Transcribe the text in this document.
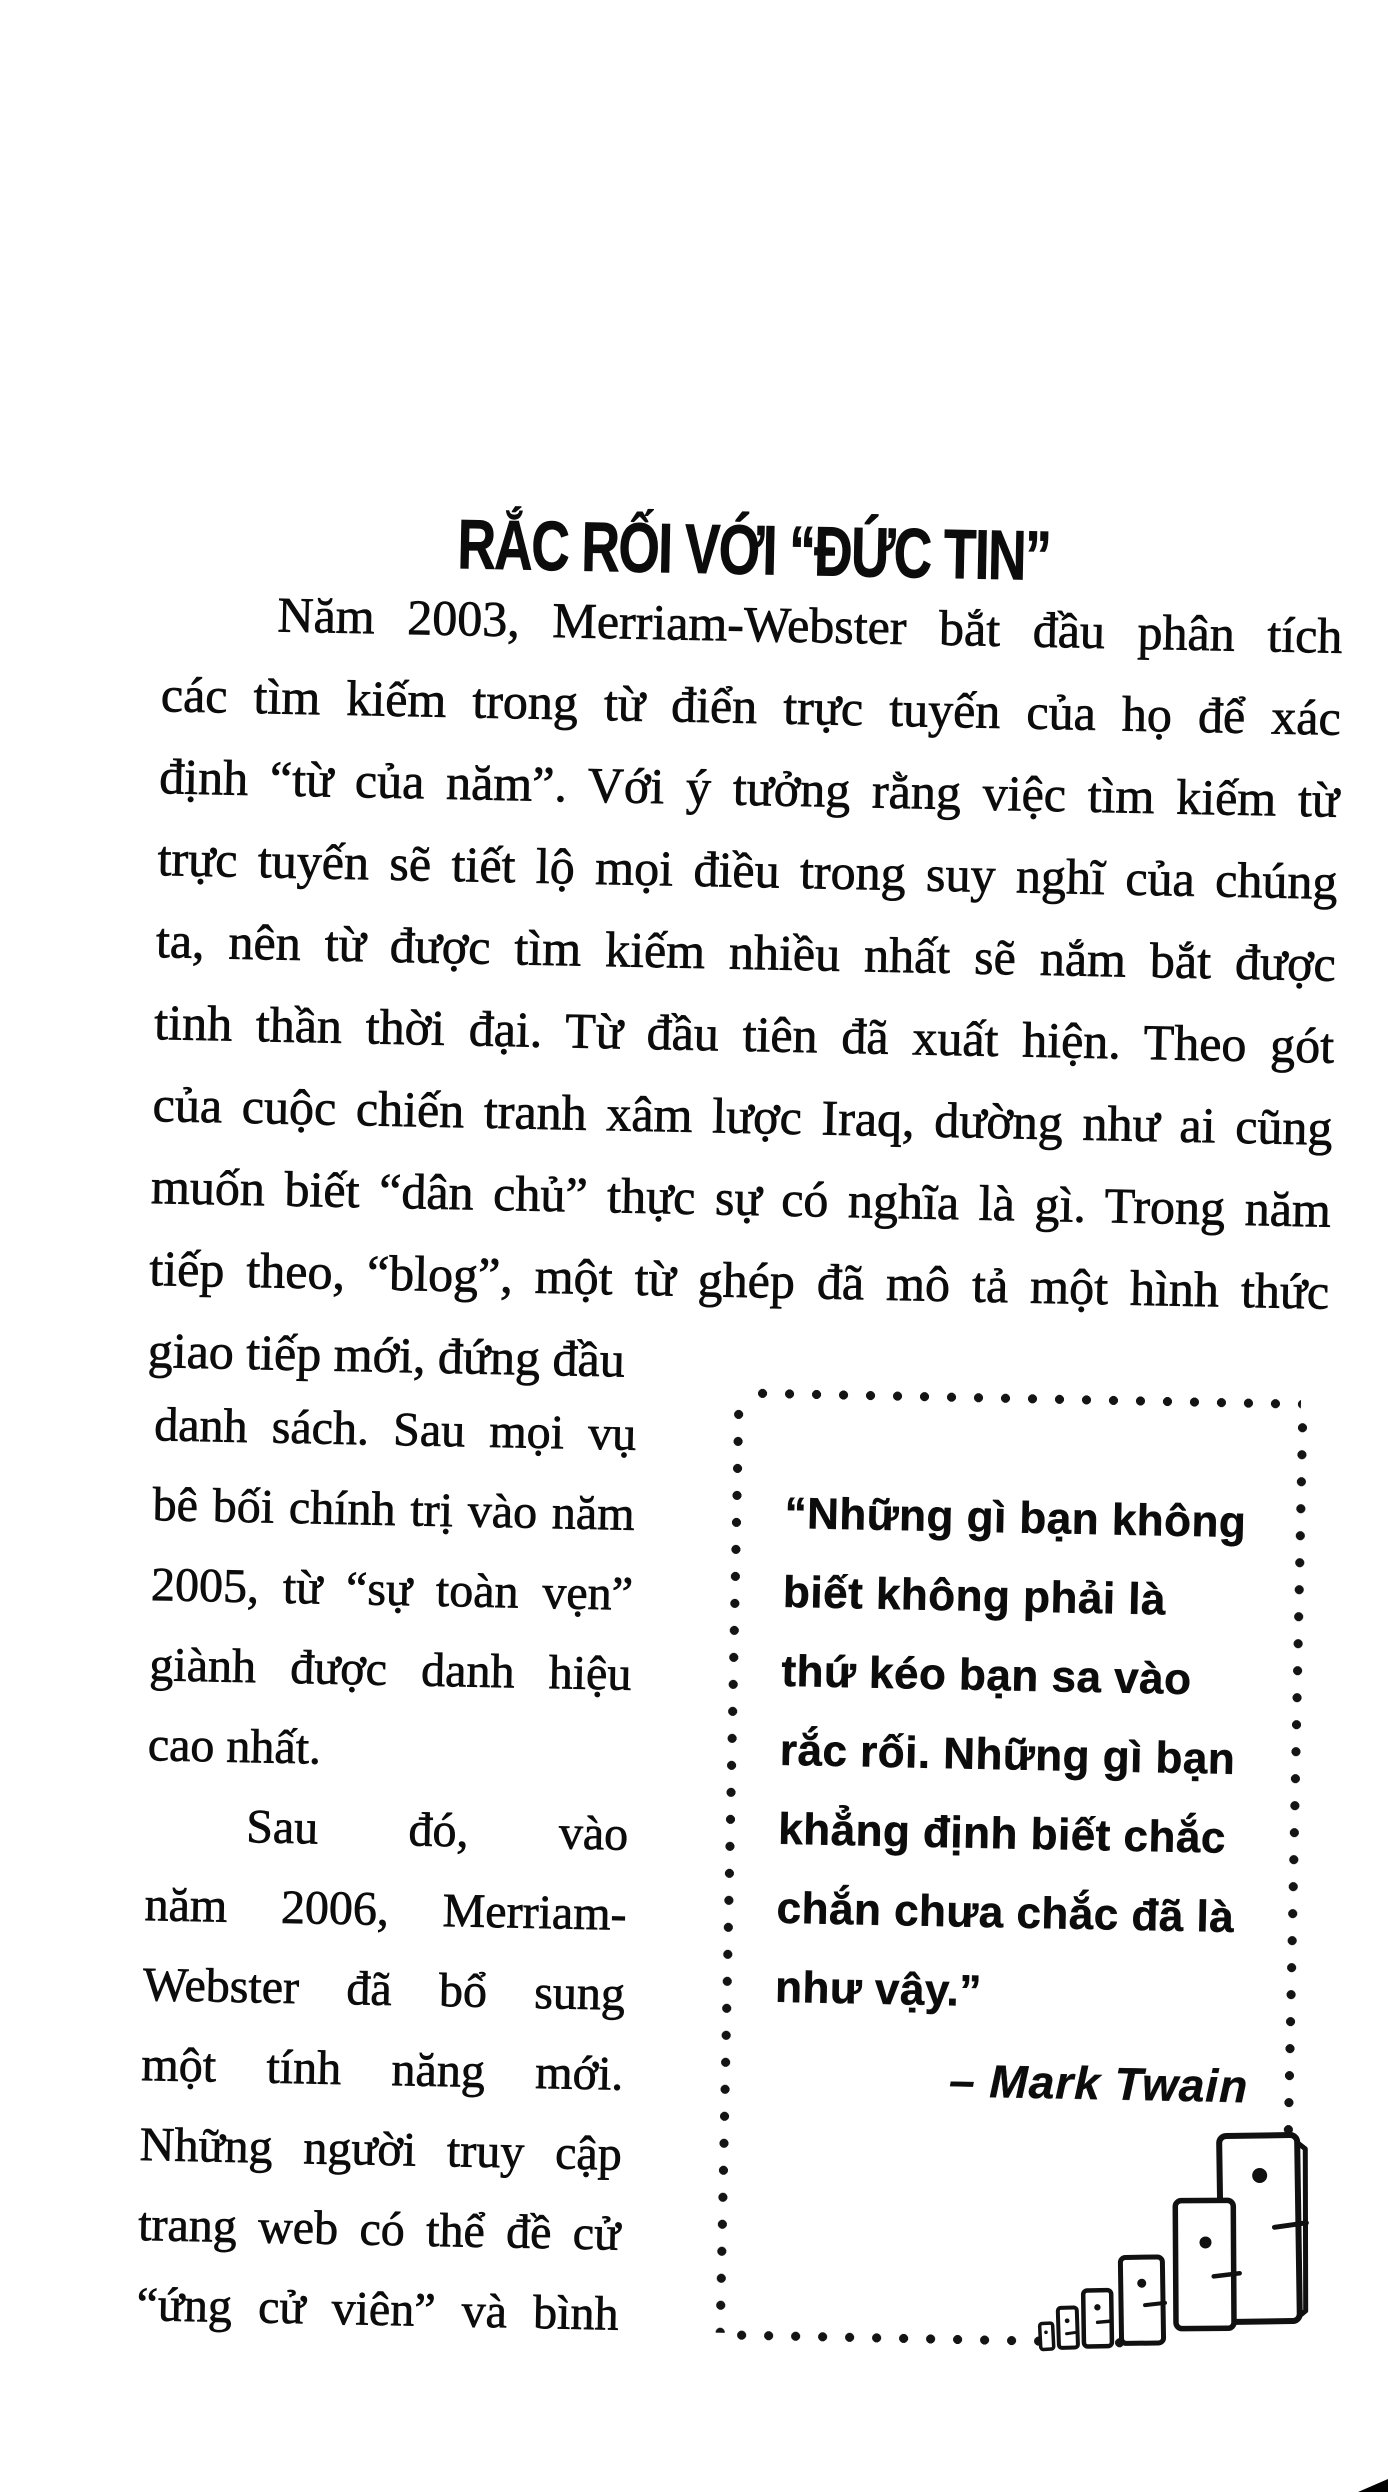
RẮC RỐI VỚI “ĐỨC TIN”
Năm 2003, Merriam-Webster bắt đầu phân tích
các tìm kiếm trong từ điển trực tuyến của họ để xác
định “từ của năm”. Với ý tưởng rằng việc tìm kiếm từ
trực tuyến sẽ tiết lộ mọi điều trong suy nghĩ của chúng
ta, nên từ được tìm kiếm nhiều nhất sẽ nắm bắt được
tinh thần thời đại. Từ đầu tiên đã xuất hiện. Theo gót
của cuộc chiến tranh xâm lược Iraq, dường như ai cũng
muốn biết “dân chủ” thực sự có nghĩa là gì. Trong năm
tiếp theo, “blog”, một từ ghép đã mô tả một hình thức
giao tiếp mới, đứng đầu
danh sách. Sau mọi vụ
bê bối chính trị vào năm
2005, từ “sự toàn vẹn”
giành được danh hiệu
cao nhất.
Sau đó, vào
năm 2006, Merriam-
Webster đã bổ sung
một tính năng mới.
Những người truy cập
trang web có thể đề cử
“ứng cử viên” và bình
“Những gì bạn không
biết không phải là
thứ kéo bạn sa vào
rắc rối. Những gì bạn
khẳng định biết chắc
chắn chưa chắc đã là
như vậy.”
– Mark Twain
